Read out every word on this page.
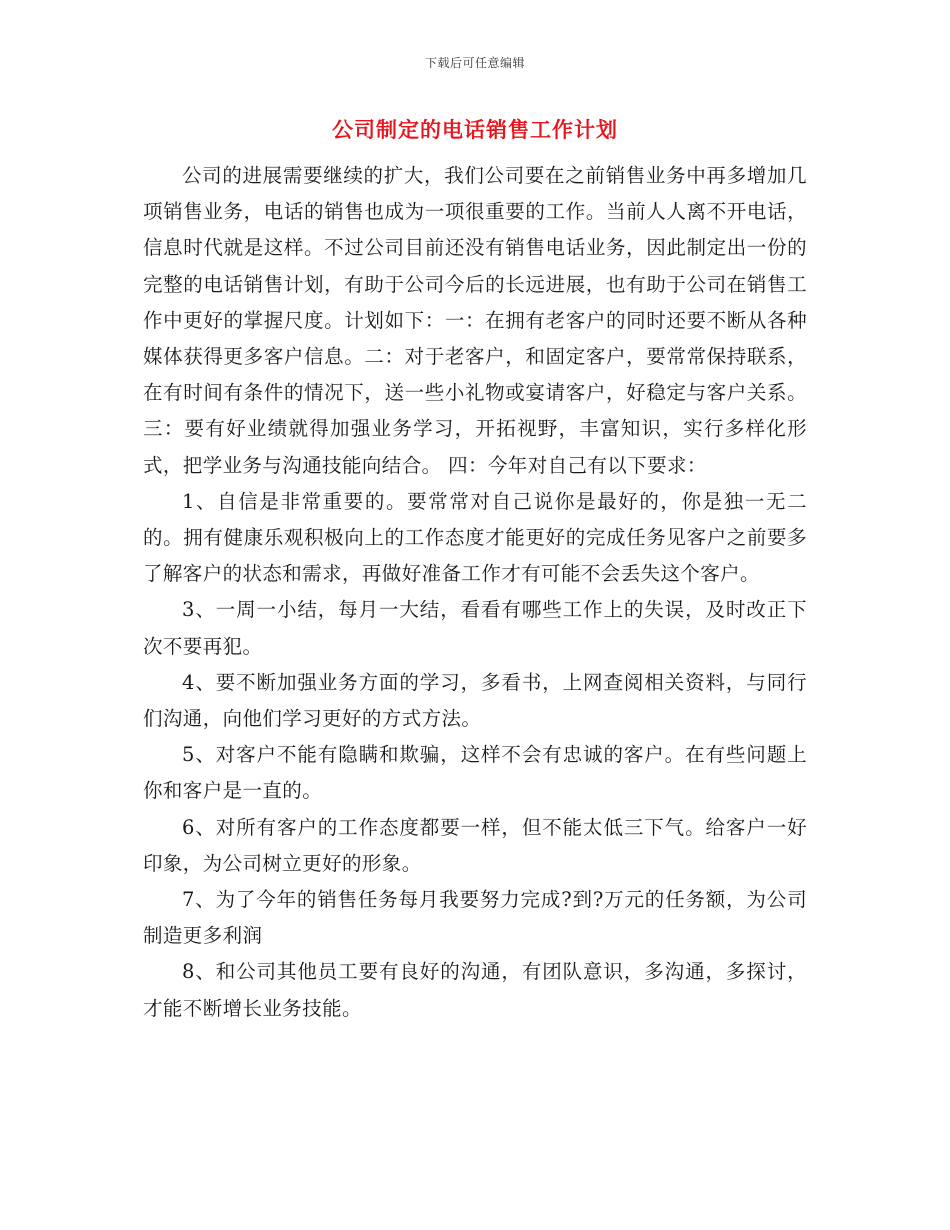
下载后可任意编辑
公司制定的电话销售工作计划

公司的进展需要继续的扩大，我们公司要在之前销售业务中再多增加几项销售业务，电话的销售也成为一项很重要的工作。当前人人离不开电话，信息时代就是这样。不过公司目前还没有销售电话业务，因此制定出一份的完整的电话销售计划，有助于公司今后的长远进展，也有助于公司在销售工作中更好的掌握尺度。计划如下：一：在拥有老客户的同时还要不断从各种媒体获得更多客户信息。二：对于老客户，和固定客户，要常常保持联系，在有时间有条件的情况下，送一些小礼物或宴请客户，好稳定与客户关系。三：要有好业绩就得加强业务学习，开拓视野，丰富知识，实行多样化形式，把学业务与沟通技能向结合。 四：今年对自己有以下要求：

1、自信是非常重要的。要常常对自己说你是最好的，你是独一无二的。拥有健康乐观积极向上的工作态度才能更好的完成任务见客户之前要多了解客户的状态和需求，再做好准备工作才有可能不会丢失这个客户。

3、一周一小结，每月一大结，看看有哪些工作上的失误，及时改正下次不要再犯。

4、要不断加强业务方面的学习，多看书，上网查阅相关资料，与同行们沟通，向他们学习更好的方式方法。

5、对客户不能有隐瞒和欺骗，这样不会有忠诚的客户。在有些问题上你和客户是一直的。

6、对所有客户的工作态度都要一样，但不能太低三下气。给客户一好印象，为公司树立更好的形象。

7、为了今年的销售任务每月我要努力完成?到?万元的任务额，为公司制造更多利润

8、和公司其他员工要有良好的沟通，有团队意识，多沟通，多探讨，才能不断增长业务技能。
